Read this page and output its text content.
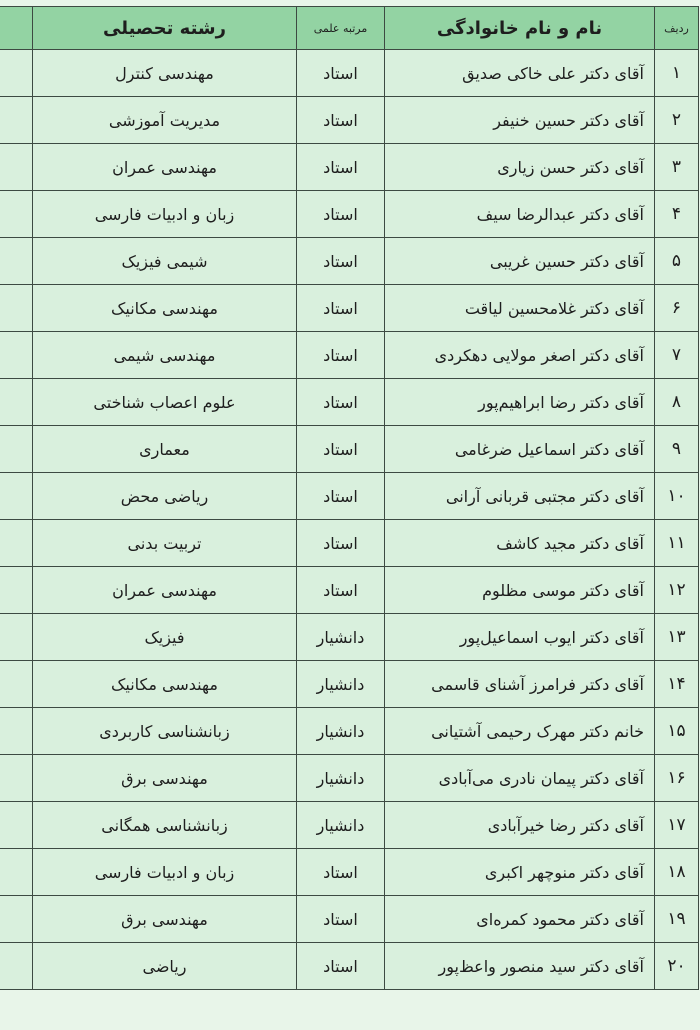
ردیف	نام و نام خانوادگی	مرتبه علمی	رشته تحصیلی	
۱	آقای دکتر علی خاکی صدیق	استاد	مهندسی کنترل	
۲	آقای دکتر حسین خنیفر	استاد	مدیریت آموزشی	
۳	آقای دکتر حسن زیاری	استاد	مهندسی عمران	
۴	آقای دکتر عبدالرضا سیف	استاد	زبان و ادبیات فارسی	
۵	آقای دکتر حسین غریبی	استاد	شیمی فیزیک	
۶	آقای دکتر غلامحسین لیاقت	استاد	مهندسی مکانیک	
۷	آقای دکتر اصغر مولایی دهکردی	استاد	مهندسی شیمی	
۸	آقای دکتر رضا ابراهیم‌پور	استاد	علوم اعصاب شناختی	
۹	آقای دکتر اسماعیل ضرغامی	استاد	معماری	
۱۰	آقای دکتر مجتبی قربانی آرانی	استاد	ریاضی محض	
۱۱	آقای دکتر مجید کاشف	استاد	تربیت بدنی	
۱۲	آقای دکتر موسی مظلوم	استاد	مهندسی عمران	
۱۳	آقای دکتر ایوب اسماعیل‌پور	دانشیار	فیزیک	
۱۴	آقای دکتر فرامرز آشنای قاسمی	دانشیار	مهندسی مکانیک	
۱۵	خانم دکتر مهرک رحیمی آشتیانی	دانشیار	زبانشناسی کاربردی	
۱۶	آقای دکتر پیمان نادری می‌آبادی	دانشیار	مهندسی برق	
۱۷	آقای دکتر رضا خیرآبادی	دانشیار	زبانشناسی همگانی	
۱۸	آقای دکتر منوچهر اکبری	استاد	زبان و ادبیات فارسی	
۱۹	آقای دکتر محمود کمره‌ای	استاد	مهندسی برق	
۲۰	آقای دکتر سید منصور واعظ‌پور	استاد	ریاضی	
